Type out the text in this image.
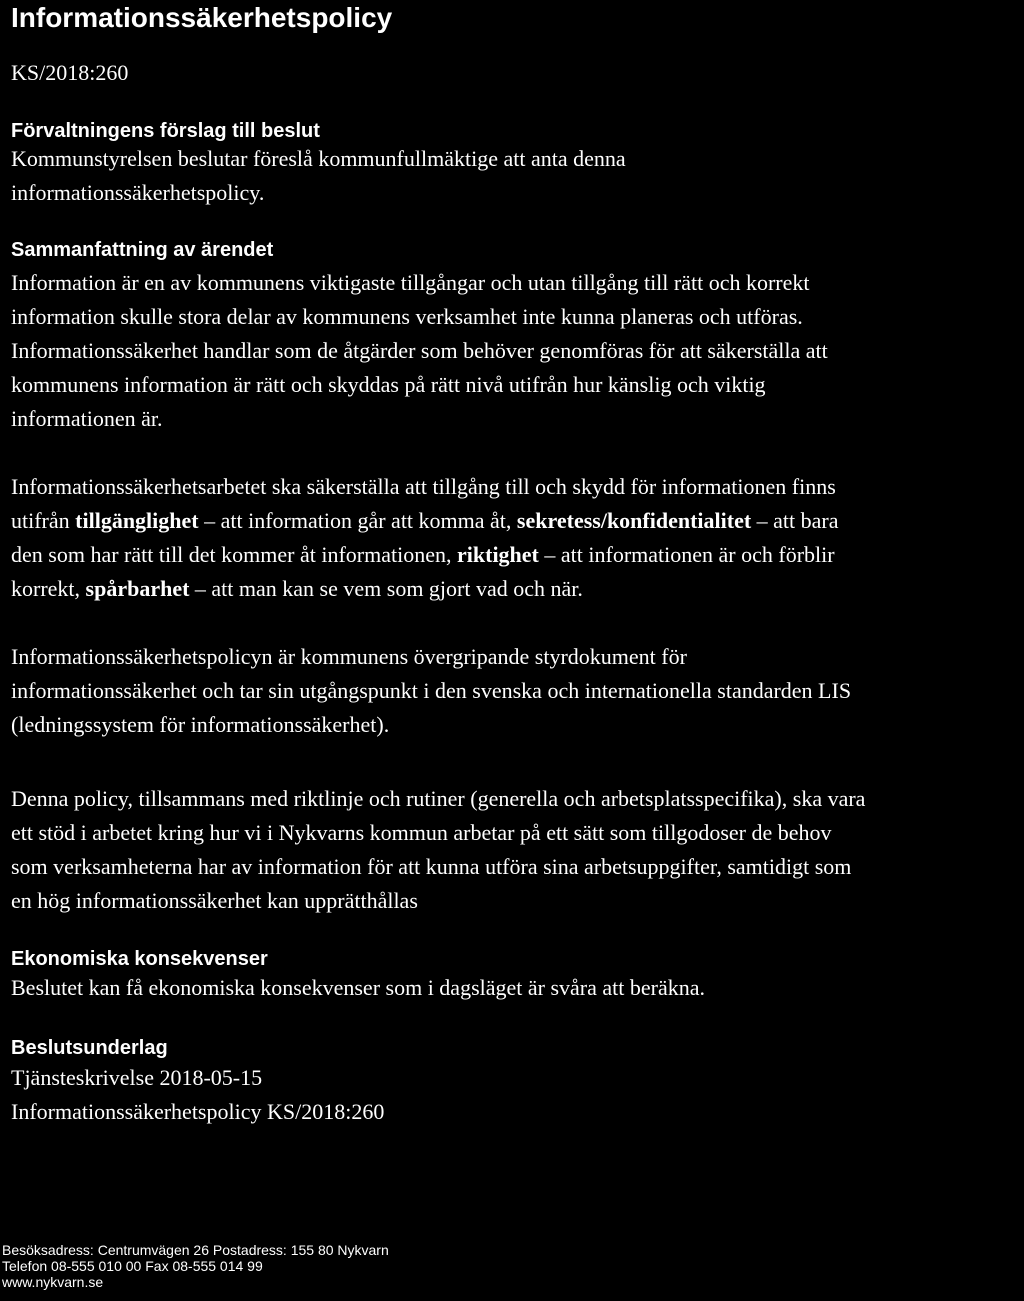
Informationssäkerhetspolicy
KS/2018:260
Förvaltningens förslag till beslut
Kommunstyrelsen beslutar föreslå kommunfullmäktige att anta denna
informationssäkerhetspolicy.
Sammanfattning av ärendet
Information är en av kommunens viktigaste tillgångar och utan tillgång till rätt och korrekt
information skulle stora delar av kommunens verksamhet inte kunna planeras och utföras.
Informationssäkerhet handlar som de åtgärder som behöver genomföras för att säkerställa att
kommunens information är rätt och skyddas på rätt nivå utifrån hur känslig och viktig
informationen är.
Informationssäkerhetsarbetet ska säkerställa att tillgång till och skydd för informationen finns
utifrån tillgänglighet – att information går att komma åt, sekretess/konfidentialitet – att bara
den som har rätt till det kommer åt informationen, riktighet – att informationen är och förblir
korrekt, spårbarhet – att man kan se vem som gjort vad och när.
Informationssäkerhetspolicyn är kommunens övergripande styrdokument för
informationssäkerhet och tar sin utgångspunkt i den svenska och internationella standarden LIS
(ledningssystem för informationssäkerhet).
Denna policy, tillsammans med riktlinje och rutiner (generella och arbetsplatsspecifika), ska vara
ett stöd i arbetet kring hur vi i Nykvarns kommun arbetar på ett sätt som tillgodoser de behov
som verksamheterna har av information för att kunna utföra sina arbetsuppgifter, samtidigt som
en hög informationssäkerhet kan upprätthållas
Ekonomiska konsekvenser
Beslutet kan få ekonomiska konsekvenser som i dagsläget är svåra att beräkna.
Beslutsunderlag
Tjänsteskrivelse 2018-05-15
Informationssäkerhetspolicy KS/2018:260
Besöksadress: Centrumvägen 26 Postadress: 155 80 Nykvarn
Telefon 08-555 010 00 Fax 08-555 014 99
www.nykvarn.se
